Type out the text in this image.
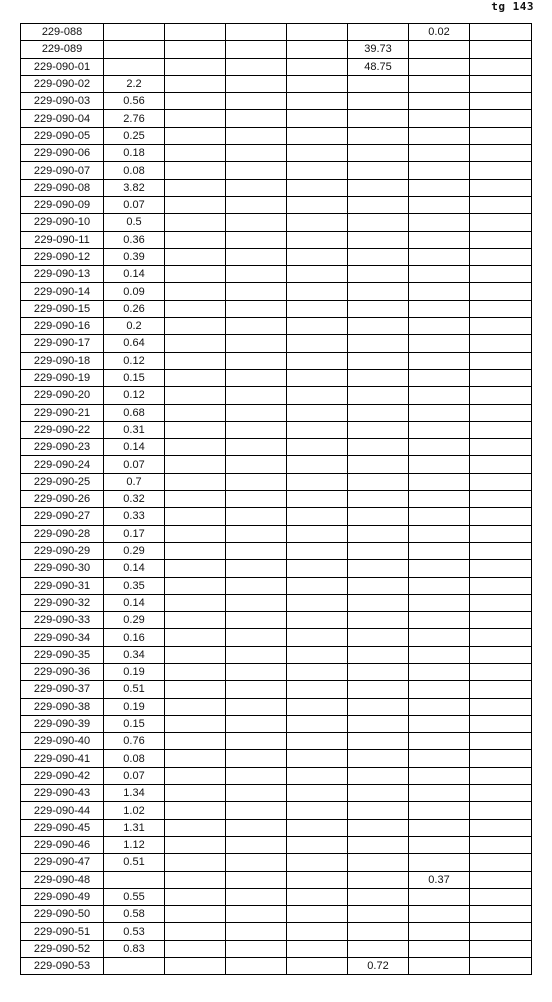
tg 143
229-088						0.02	
229-089					39.73		
229-090-01					48.75		
229-090-02	2.2						
229-090-03	0.56						
229-090-04	2.76						
229-090-05	0.25						
229-090-06	0.18						
229-090-07	0.08						
229-090-08	3.82						
229-090-09	0.07						
229-090-10	0.5						
229-090-11	0.36						
229-090-12	0.39						
229-090-13	0.14						
229-090-14	0.09						
229-090-15	0.26						
229-090-16	0.2						
229-090-17	0.64						
229-090-18	0.12						
229-090-19	0.15						
229-090-20	0.12						
229-090-21	0.68						
229-090-22	0.31						
229-090-23	0.14						
229-090-24	0.07						
229-090-25	0.7						
229-090-26	0.32						
229-090-27	0.33						
229-090-28	0.17						
229-090-29	0.29						
229-090-30	0.14						
229-090-31	0.35						
229-090-32	0.14						
229-090-33	0.29						
229-090-34	0.16						
229-090-35	0.34						
229-090-36	0.19						
229-090-37	0.51						
229-090-38	0.19						
229-090-39	0.15						
229-090-40	0.76						
229-090-41	0.08						
229-090-42	0.07						
229-090-43	1.34						
229-090-44	1.02						
229-090-45	1.31						
229-090-46	1.12						
229-090-47	0.51						
229-090-48						0.37	
229-090-49	0.55						
229-090-50	0.58						
229-090-51	0.53						
229-090-52	0.83						
229-090-53					0.72		
